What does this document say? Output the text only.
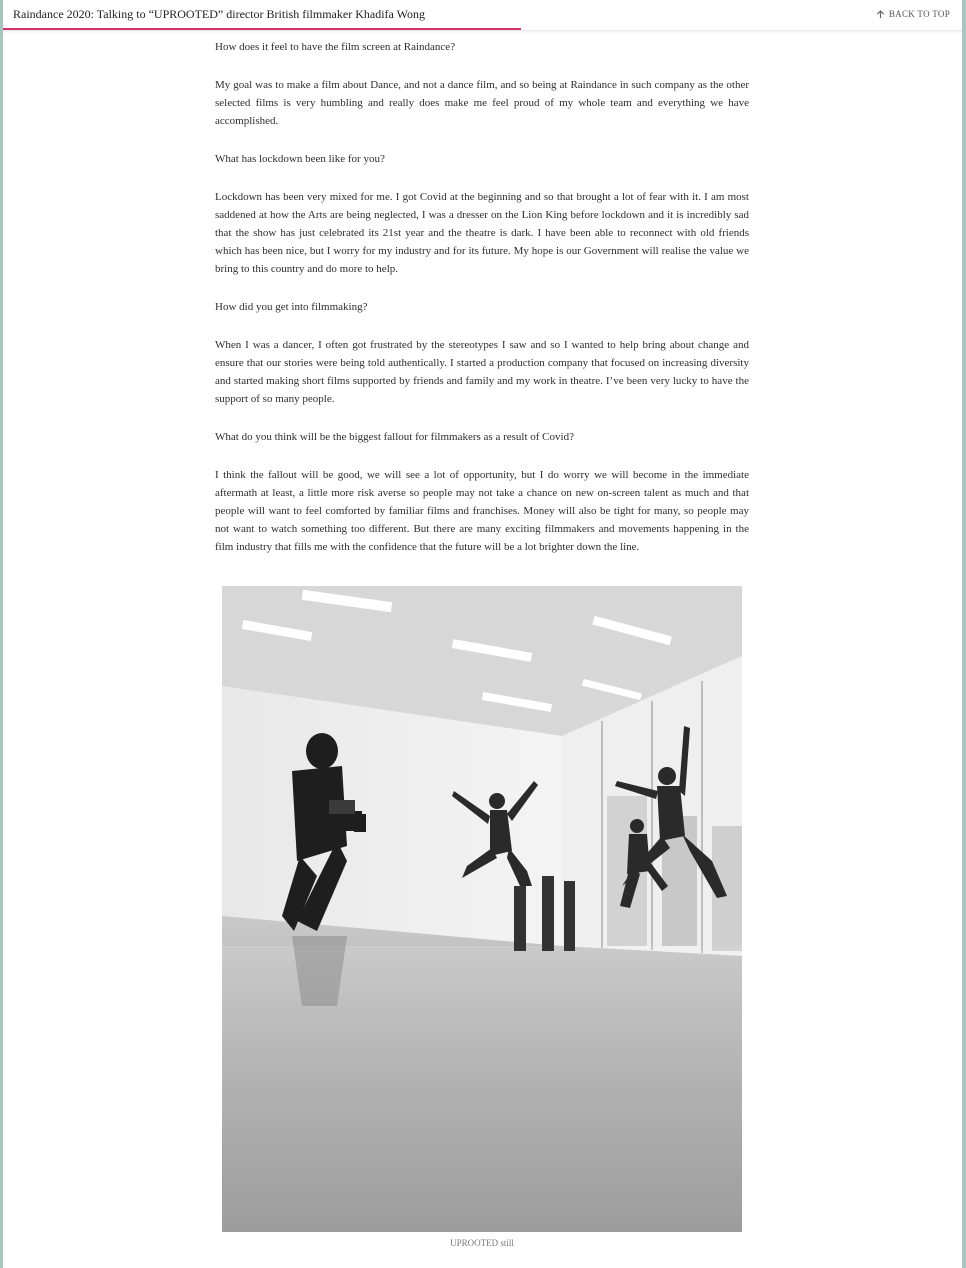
Raindance 2020: Talking to “UPROOTED” director British filmmaker Khadifa Wong	BACK TO TOP

How does it feel to have the film screen at Raindance?

My goal was to make a film about Dance, and not a dance film, and so being at Raindance in such company as the other selected films is very humbling and really does make me feel proud of my whole team and everything we have accomplished.

What has lockdown been like for you?

Lockdown has been very mixed for me. I got Covid at the beginning and so that brought a lot of fear with it. I am most saddened at how the Arts are being neglected, I was a dresser on the Lion King before lockdown and it is incredibly sad that the show has just celebrated its 21st year and the theatre is dark. I have been able to reconnect with old friends which has been nice, but I worry for my industry and for its future. My hope is our Government will realise the value we bring to this country and do more to help.

How did you get into filmmaking?

When I was a dancer, I often got frustrated by the stereotypes I saw and so I wanted to help bring about change and ensure that our stories were being told authentically. I started a production company that focused on increasing diversity and started making short films supported by friends and family and my work in theatre. I’ve been very lucky to have the support of so many people.

What do you think will be the biggest fallout for filmmakers as a result of Covid?

I think the fallout will be good, we will see a lot of opportunity, but I do worry we will become in the immediate aftermath at least, a little more risk averse so people may not take a chance on new on-screen talent as much and that people will want to feel comforted by familiar films and franchises. Money will also be tight for many, so people may not want to watch something too different. But there are many exciting filmmakers and movements happening in the film industry that fills me with the confidence that the future will be a lot brighter down the line.

UPROOTED still
